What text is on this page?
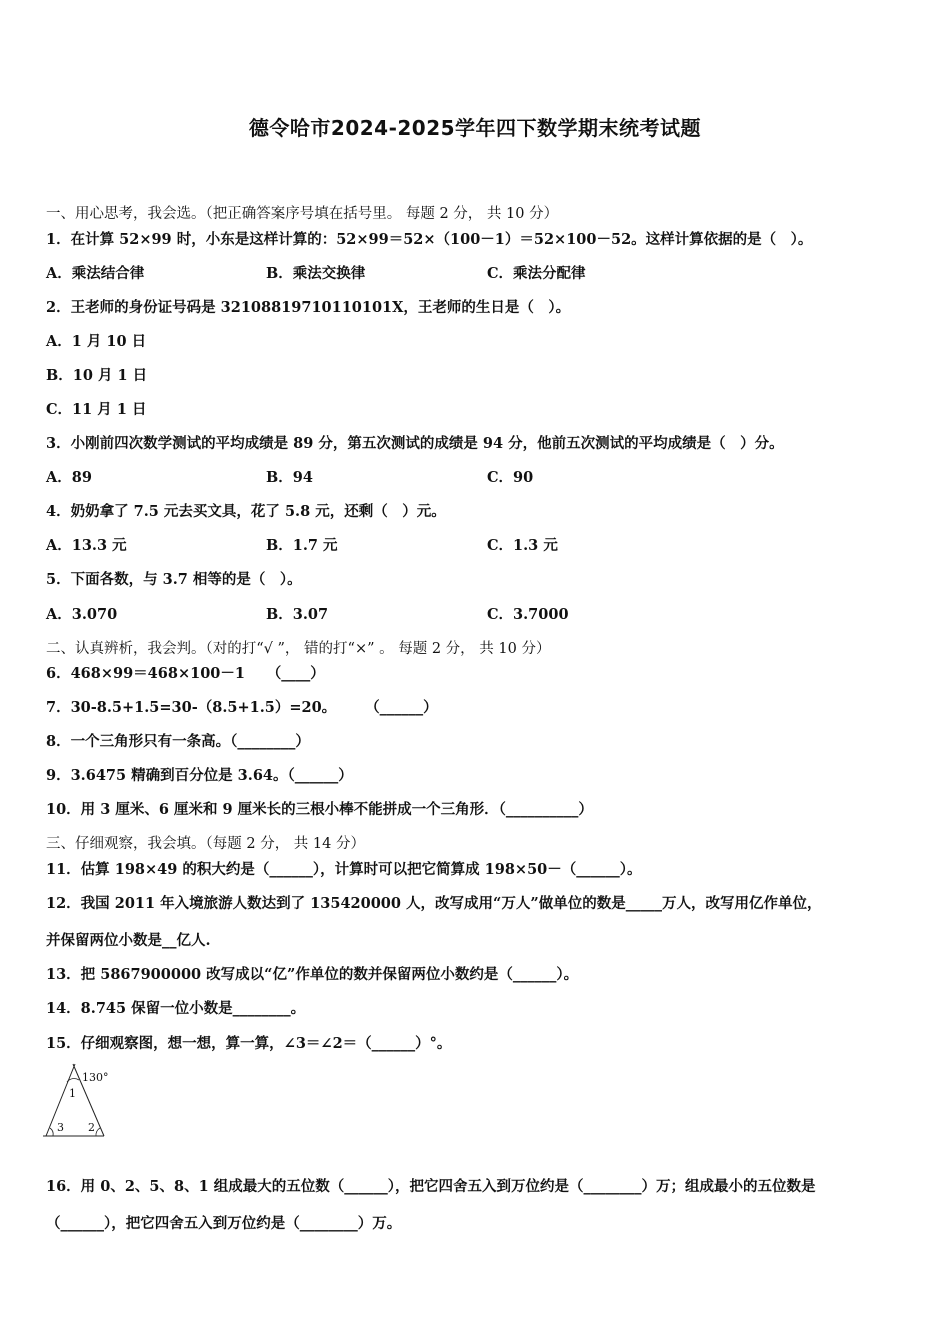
德令哈市2024-2025学年四下数学期末统考试题
一、用心思考，我会选。（把正确答案序号填在括号里。 每题 2 分， 共 10 分）
1．在计算 52×99 时，小东是这样计算的：52×99＝52×（100－1）＝52×100－52。这样计算依据的是（　）。
A．乘法结合律	B．乘法交换律	C．乘法分配律
2．王老师的身份证号码是 32108819710110101X，王老师的生日是（　）。
A．1 月 10 日
B．10 月 1 日
C．11 月 1 日
3．小刚前四次数学测试的平均成绩是 89 分，第五次测试的成绩是 94 分，他前五次测试的平均成绩是（　）分。
A．89	B．94	C．90
4．奶奶拿了 7.5 元去买文具，花了 5.8 元，还剩（　）元。
A．13.3 元	B．1.7 元	C．1.3 元
5．下面各数，与 3.7 相等的是（　）。
A．3.070	B．3.07	C．3.7000
二、认真辨析，我会判。（对的打“√ ”， 错的打“×” 。 每题 2 分， 共 10 分）
6．468×99＝468×100－1　　（____）
7．30-8.5+1.5=30-（8.5+1.5）=20。　　　（______）
8．一个三角形只有一条高。（________）
9．3.6475 精确到百分位是 3.64。（______）
10．用 3 厘米、6 厘米和 9 厘米长的三根小棒不能拼成一个三角形．（__________）
三、仔细观察，我会填。（每题 2 分， 共 14 分）
11．估算 198×49 的积大约是（______），计算时可以把它简算成 198×50－（______）。
12．我国 2011 年入境旅游人数达到了 135420000 人，改写成用“万人”做单位的数是_____万人，改写用亿作单位，
并保留两位小数是__亿人.
13．把 5867900000 改写成以“亿”作单位的数并保留两位小数约是（______）。
14．8.745 保留一位小数是________。
15．仔细观察图，想一想，算一算，∠3＝∠2＝（______）°。
130°
1
3 2
16．用 0、2、5、8、1 组成最大的五位数（______），把它四舍五入到万位约是（________）万；组成最小的五位数是
（______），把它四舍五入到万位约是（________）万。
